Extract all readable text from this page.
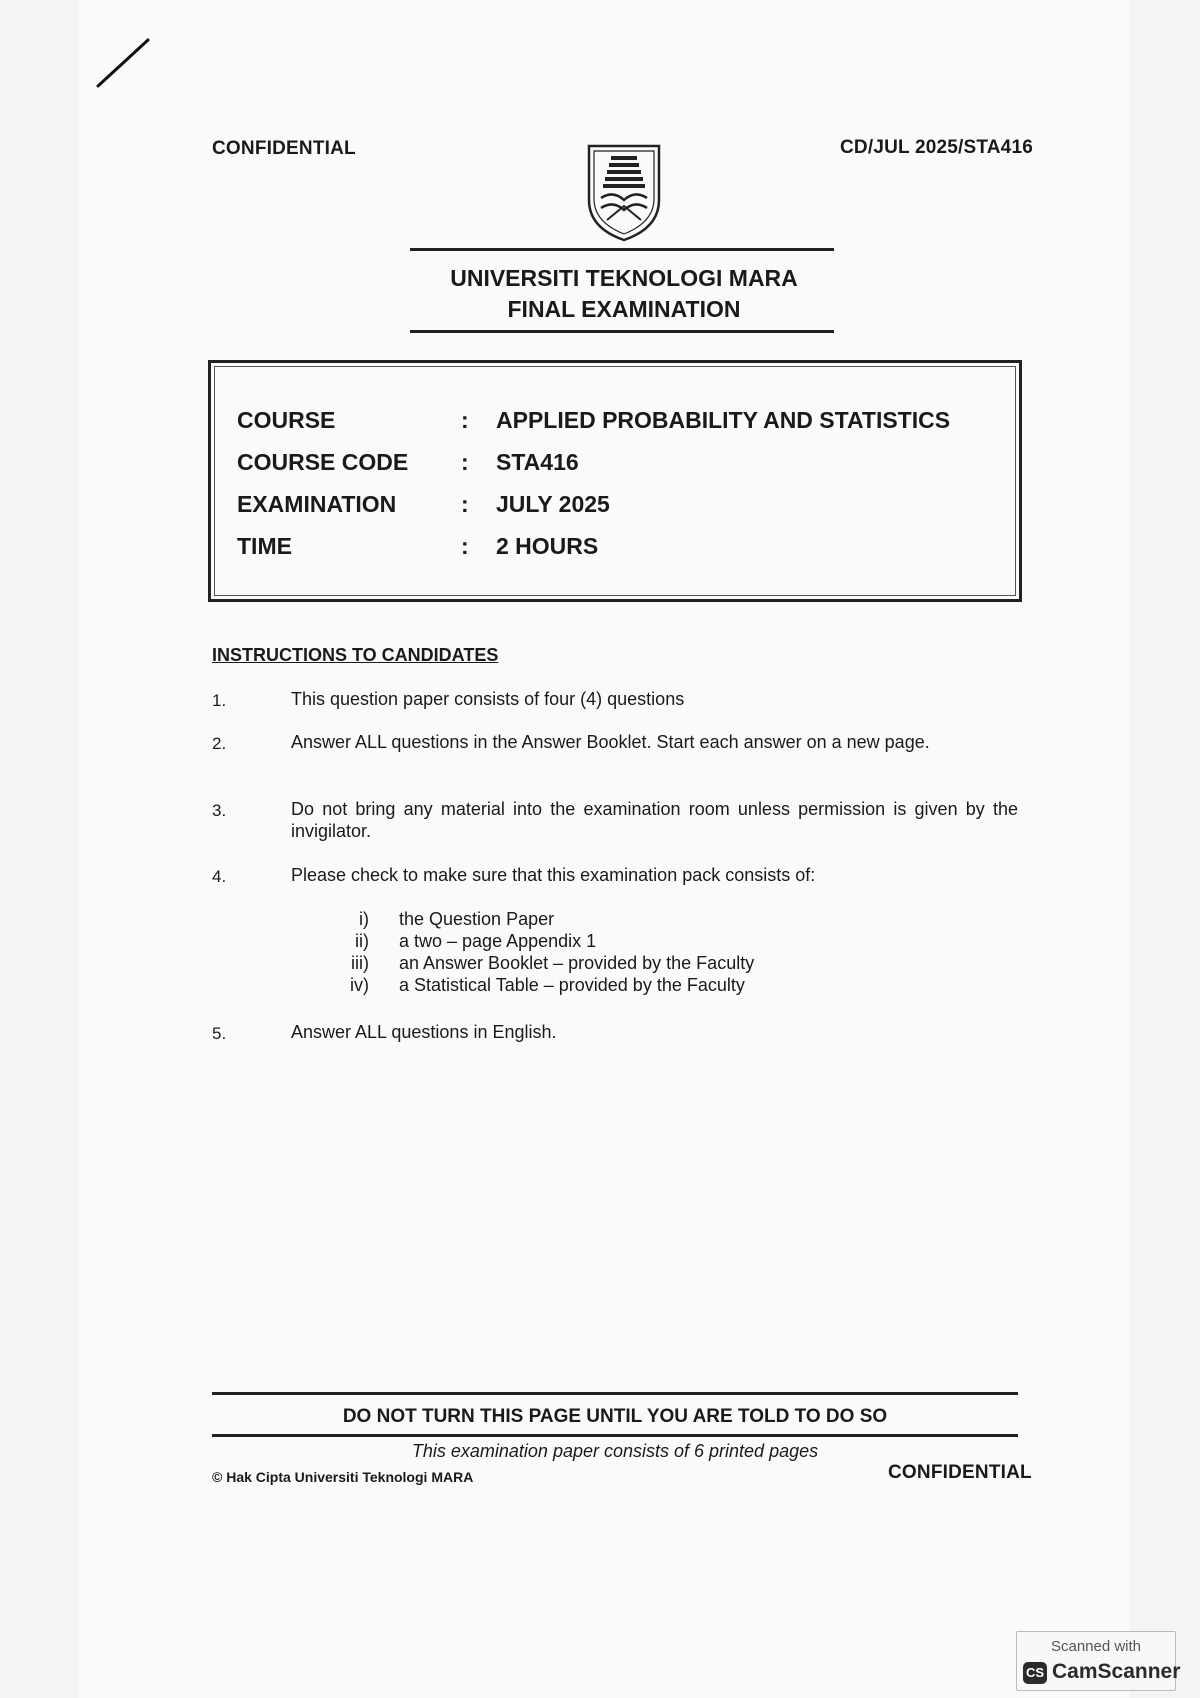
CONFIDENTIAL	CD/JUL 2025/STA416
UNIVERSITI TEKNOLOGI MARA
FINAL EXAMINATION
COURSE	: APPLIED PROBABILITY AND STATISTICS
COURSE CODE : STA416
EXAMINATION	: JULY 2025
TIME	: 2 HOURS
INSTRUCTIONS TO CANDIDATES
1.	This question paper consists of four (4) questions
2.	Answer ALL questions in the Answer Booklet. Start each answer on a new page.
3.	Do not bring any material into the examination room unless permission is given by the invigilator.
4.	Please check to make sure that this examination pack consists of:
i) the Question Paper
ii) a two – page Appendix 1
iii) an Answer Booklet – provided by the Faculty
iv) a Statistical Table – provided by the Faculty
5.	Answer ALL questions in English.
DO NOT TURN THIS PAGE UNTIL YOU ARE TOLD TO DO SO
This examination paper consists of 6 printed pages
© Hak Cipta Universiti Teknologi MARA	CONFIDENTIAL
Scanned with
CS CamScanner
